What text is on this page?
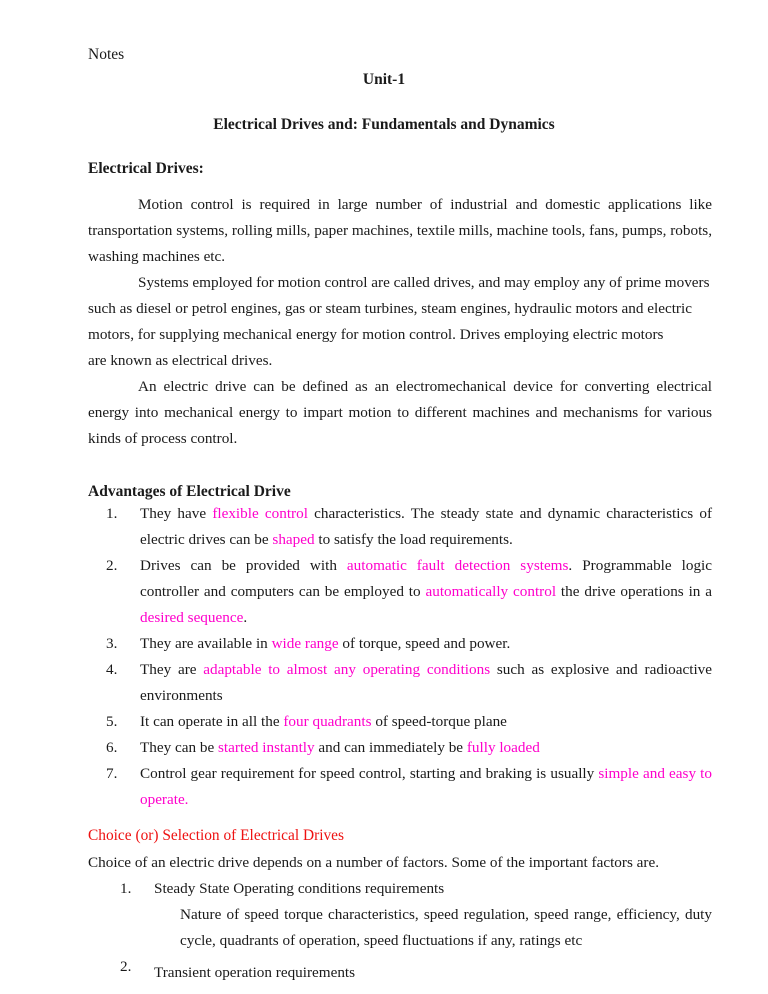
Notes
Unit-1
Electrical Drives and: Fundamentals and Dynamics
Electrical Drives:

Motion control is required in large number of industrial and domestic applications like transportation systems, rolling mills, paper machines, textile mills, machine tools, fans, pumps, robots, washing machines etc.

Systems employed for motion control are called drives, and may employ any of prime movers such as diesel or petrol engines, gas or steam turbines, steam engines, hydraulic motors and electric motors, for supplying mechanical energy for motion control. Drives employing electric motors

are known as electrical drives.

An electric drive can be defined as an electromechanical device for converting electrical energy into mechanical energy to impart motion to different machines and mechanisms for various kinds of process control.

Advantages of Electrical Drive
1.	They have flexible control characteristics. The steady state and dynamic characteristics of electric drives can be shaped to satisfy the load requirements.
2.	Drives can be provided with automatic fault detection systems. Programmable logic controller and computers can be employed to automatically control the drive operations in a desired sequence.
3.	They are available in wide range of torque, speed and power.
4.	They are adaptable to almost any operating conditions such as explosive and radioactive environments
5.	It can operate in all the four quadrants of speed-torque plane
6.	They can be started instantly and can immediately be fully loaded
7.	Control gear requirement for speed control, starting and braking is usually simple and easy to operate.
Choice (or) Selection of Electrical Drives
Choice of an electric drive depends on a number of factors. Some of the important factors are.
1.	Steady State Operating conditions requirements
Nature of speed torque characteristics, speed regulation, speed range, efficiency, duty cycle, quadrants of operation, speed fluctuations if any, ratings etc
2.	Transient operation requirements
